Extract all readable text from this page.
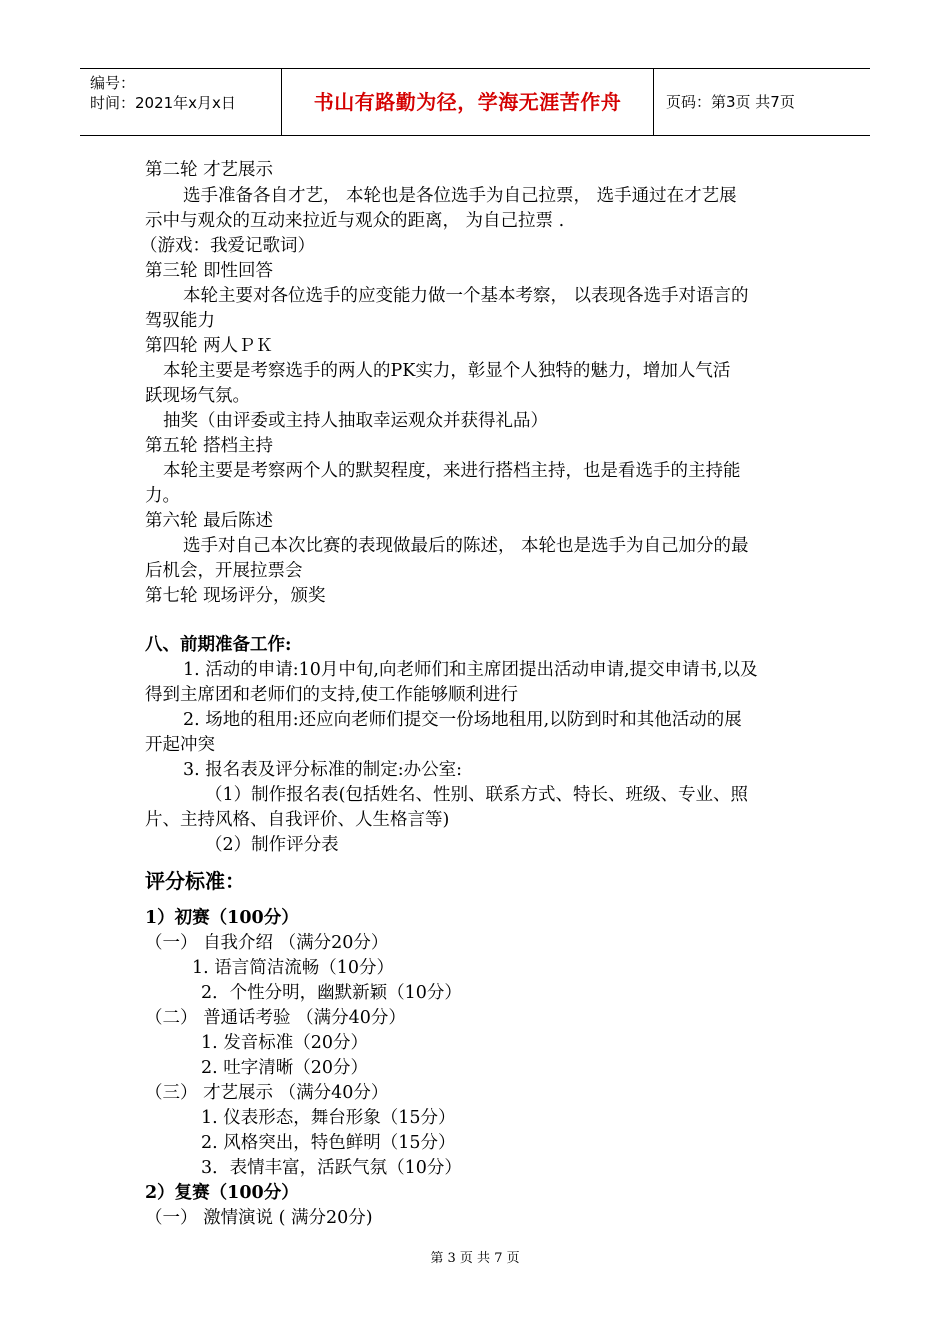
编号：
时间：2021年x月x日	书山有路勤为径，学海无涯苦作舟	页码：第3页 共7页
第二轮 才艺展示
选手准备各自才艺， 本轮也是各位选手为自己拉票， 选手通过在才艺展
示中与观众的互动来拉近与观众的距离， 为自己拉票 .
（游戏：我爱记歌词）
第三轮 即性回答
本轮主要对各位选手的应变能力做一个基本考察， 以表现各选手对语言的
驾驭能力
第四轮 两人ＰＫ
本轮主要是考察选手的两人的PK实力，彰显个人独特的魅力，增加人气活
跃现场气氛。
抽奖（由评委或主持人抽取幸运观众并获得礼品）
第五轮 搭档主持
本轮主要是考察两个人的默契程度，来进行搭档主持，也是看选手的主持能
力。
第六轮 最后陈述
选手对自己本次比赛的表现做最后的陈述， 本轮也是选手为自己加分的最
后机会，开展拉票会
第七轮 现场评分，颁奖
八、前期准备工作:
1. 活动的申请:10月中旬,向老师们和主席团提出活动申请,提交申请书,以及
得到主席团和老师们的支持,使工作能够顺利进行
2. 场地的租用:还应向老师们提交一份场地租用,以防到时和其他活动的展
开起冲突
3. 报名表及评分标准的制定:办公室:
（1）制作报名表(包括姓名、性别、联系方式、特长、班级、专业、照
片、主持风格、自我评价、人生格言等)
（2）制作评分表
评分标准：
1）初赛（100分）
（一） 自我介绍 （满分20分）
1. 语言简洁流畅（10分）
2．个性分明，幽默新颖（10分）
（二） 普通话考验 （满分40分）
1. 发音标准（20分）
2. 吐字清晰（20分）
（三） 才艺展示 （满分40分）
1. 仪表形态，舞台形象（15分）
2. 风格突出，特色鲜明（15分）
3．表情丰富，活跃气氛（10分）
2）复赛（100分）
（一） 激情演说 ( 满分20分)
第 3 页 共 7 页
